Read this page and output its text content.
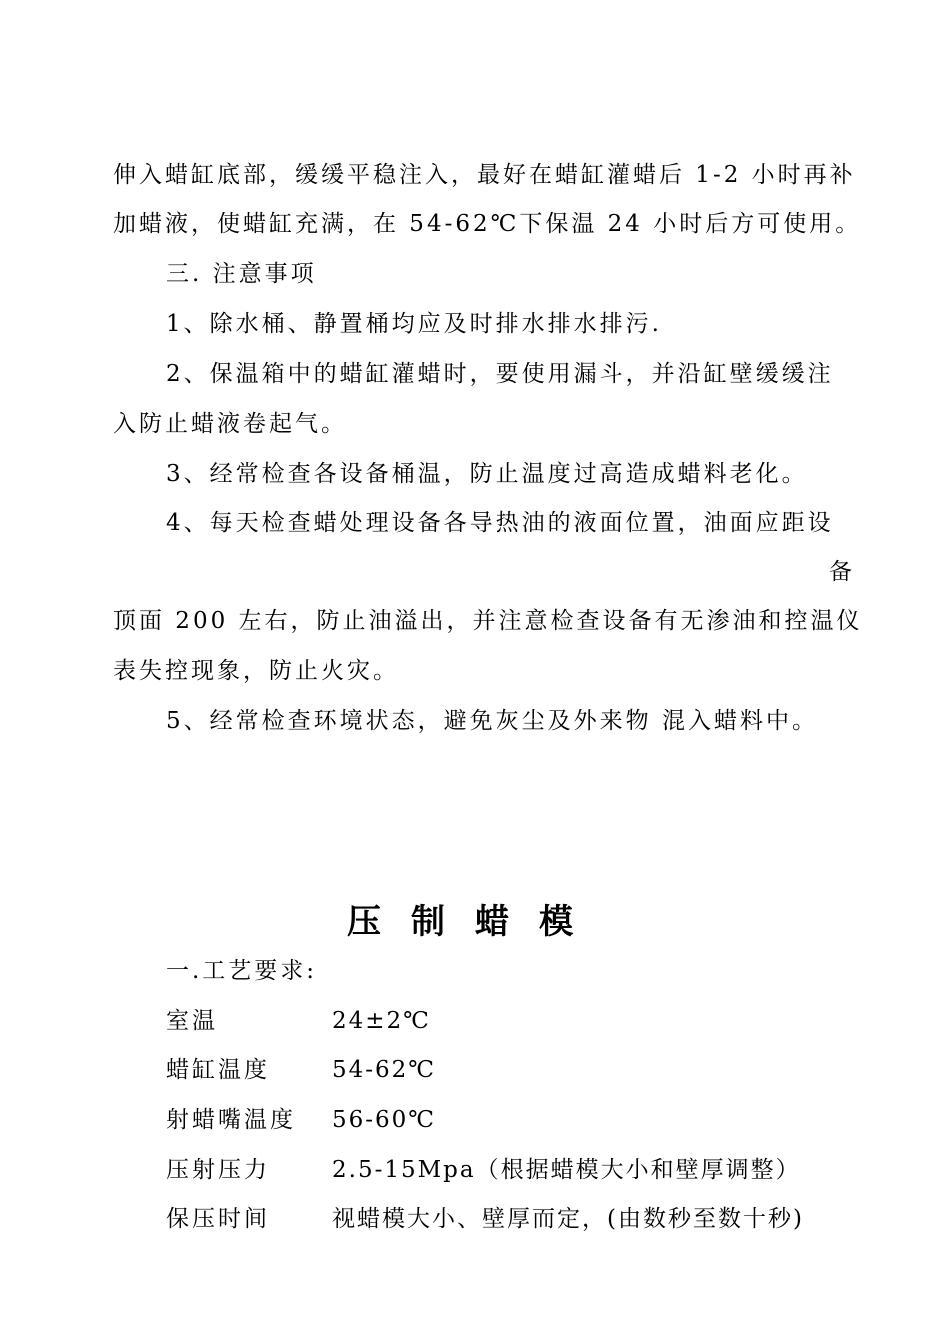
伸入蜡缸底部，缓缓平稳注入，最好在蜡缸灌蜡后 1-2 小时再补
加蜡液，使蜡缸充满，在 54-62℃下保温 24 小时后方可使用。
三. 注意事项
1、除水桶、静置桶均应及时排水排水排污.
2、保温箱中的蜡缸灌蜡时，要使用漏斗，并沿缸壁缓缓注
入防止蜡液卷起气。
3、经常检查各设备桶温，防止温度过高造成蜡料老化。
4、每天检查蜡处理设备各导热油的液面位置，油面应距设
备
顶面 200 左右，防止油溢出，并注意检查设备有无渗油和控温仪
表失控现象，防止火灾。
5、经常检查环境状态，避免灰尘及外来物 混入蜡料中。
压制蜡模
一.工艺要求:
室温	24±2℃
蜡缸温度	54-62℃
射蜡嘴温度 56-60℃
压射压力	2.5-15Mpa（根据蜡模大小和壁厚调整）
保压时间	视蜡模大小、壁厚而定，(由数秒至数十秒)
